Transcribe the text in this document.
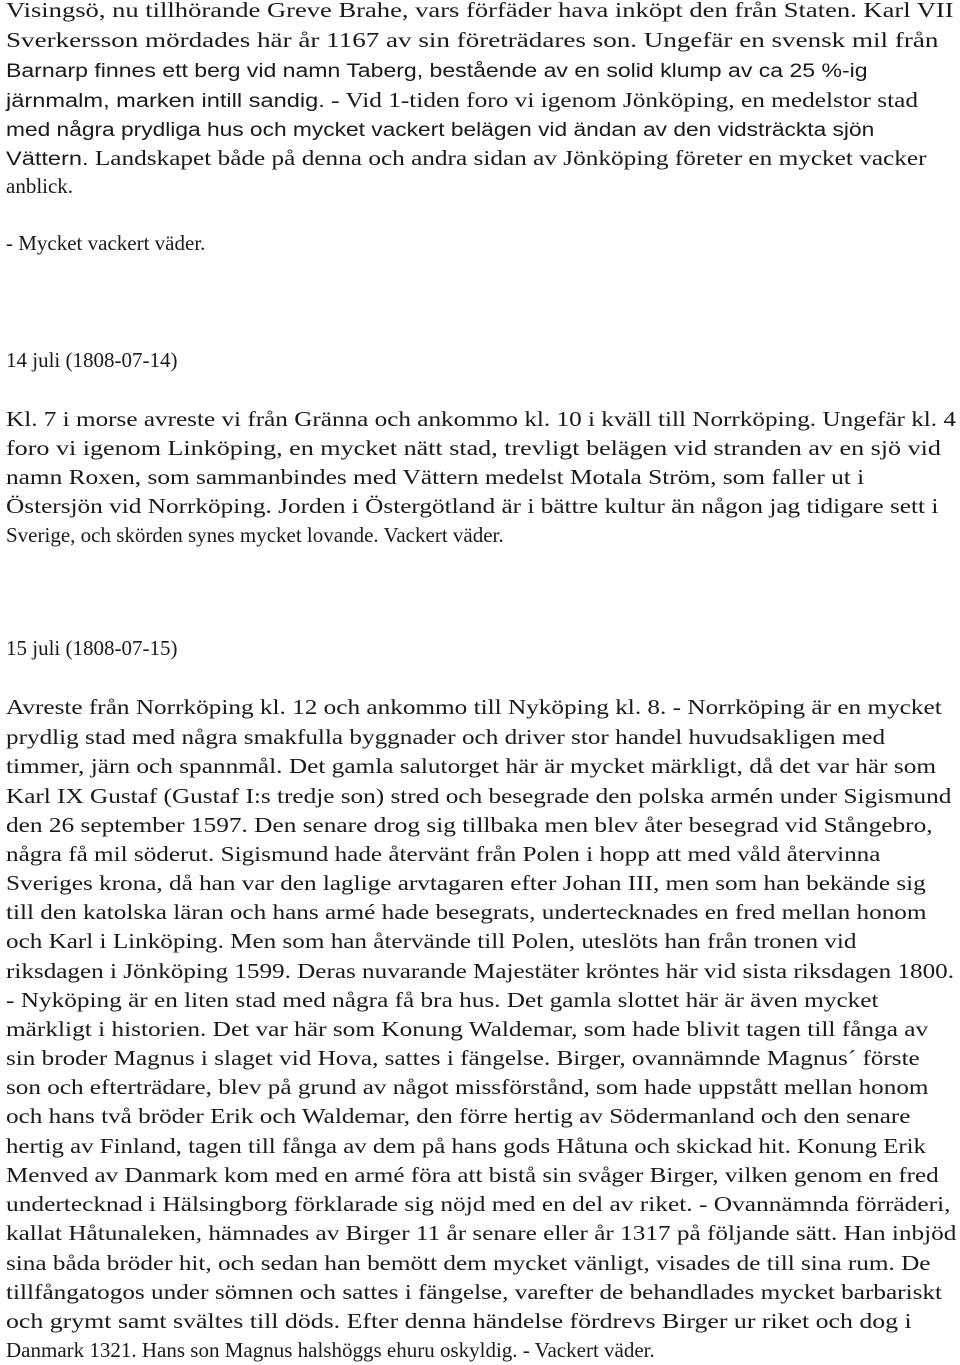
Visingsö, nu tillhörande Greve Brahe, vars förfäder hava inköpt den från Staten. Karl VII
Sverkersson mördades här år 1167 av sin företrädares son. Ungefär en svensk mil från
Barnarp finnes ett berg vid namn Taberg, bestående av en solid klump av ca 25 %-ig
järnmalm, marken intill sandig. - Vid 1-tiden foro vi igenom Jönköping, en medelstor stad
med några prydliga hus och mycket vackert belägen vid ändan av den vidsträckta sjön
Vättern. Landskapet både på denna och andra sidan av Jönköping företer en mycket vacker
anblick.
- Mycket vackert väder.
14 juli (1808-07-14)
Kl. 7 i morse avreste vi från Gränna och ankommo kl. 10 i kväll till Norrköping. Ungefär kl. 4
foro vi igenom Linköping, en mycket nätt stad, trevligt belägen vid stranden av en sjö vid
namn Roxen, som sammanbindes med Vättern medelst Motala Ström, som faller ut i
Östersjön vid Norrköping. Jorden i Östergötland är i bättre kultur än någon jag tidigare sett i
Sverige, och skörden synes mycket lovande. Vackert väder.
15 juli (1808-07-15)
Avreste från Norrköping kl. 12 och ankommo till Nyköping kl. 8. - Norrköping är en mycket
prydlig stad med några smakfulla byggnader och driver stor handel huvudsakligen med
timmer, järn och spannmål. Det gamla salutorget här är mycket märkligt, då det var här som
Karl IX Gustaf (Gustaf I:s tredje son) stred och besegrade den polska armén under Sigismund
den 26 september 1597. Den senare drog sig tillbaka men blev åter besegrad vid Stångebro,
några få mil söderut. Sigismund hade återvänt från Polen i hopp att med våld återvinna
Sveriges krona, då han var den laglige arvtagaren efter Johan III, men som han bekände sig
till den katolska läran och hans armé hade besegrats, undertecknades en fred mellan honom
och Karl i Linköping. Men som han återvände till Polen, uteslöts han från tronen vid
riksdagen i Jönköping 1599. Deras nuvarande Majestäter kröntes här vid sista riksdagen 1800.
- Nyköping är en liten stad med några få bra hus. Det gamla slottet här är även mycket
märkligt i historien. Det var här som Konung Waldemar, som hade blivit tagen till fånga av
sin broder Magnus i slaget vid Hova, sattes i fängelse. Birger, ovannämnde Magnus´ förste
son och efterträdare, blev på grund av något missförstånd, som hade uppstått mellan honom
och hans två bröder Erik och Waldemar, den förre hertig av Södermanland och den senare
hertig av Finland, tagen till fånga av dem på hans gods Håtuna och skickad hit. Konung Erik
Menved av Danmark kom med en armé föra att bistå sin svåger Birger, vilken genom en fred
undertecknad i Hälsingborg förklarade sig nöjd med en del av riket. - Ovannämnda förräderi,
kallat Håtunaleken, hämnades av Birger 11 år senare eller år 1317 på följande sätt. Han inbjöd
sina båda bröder hit, och sedan han bemött dem mycket vänligt, visades de till sina rum. De
tillfångatogos under sömnen och sattes i fängelse, varefter de behandlades mycket barbariskt
och grymt samt svältes till döds. Efter denna händelse fördrevs Birger ur riket och dog i
Danmark 1321. Hans son Magnus halshöggs ehuru oskyldig. - Vackert väder.
